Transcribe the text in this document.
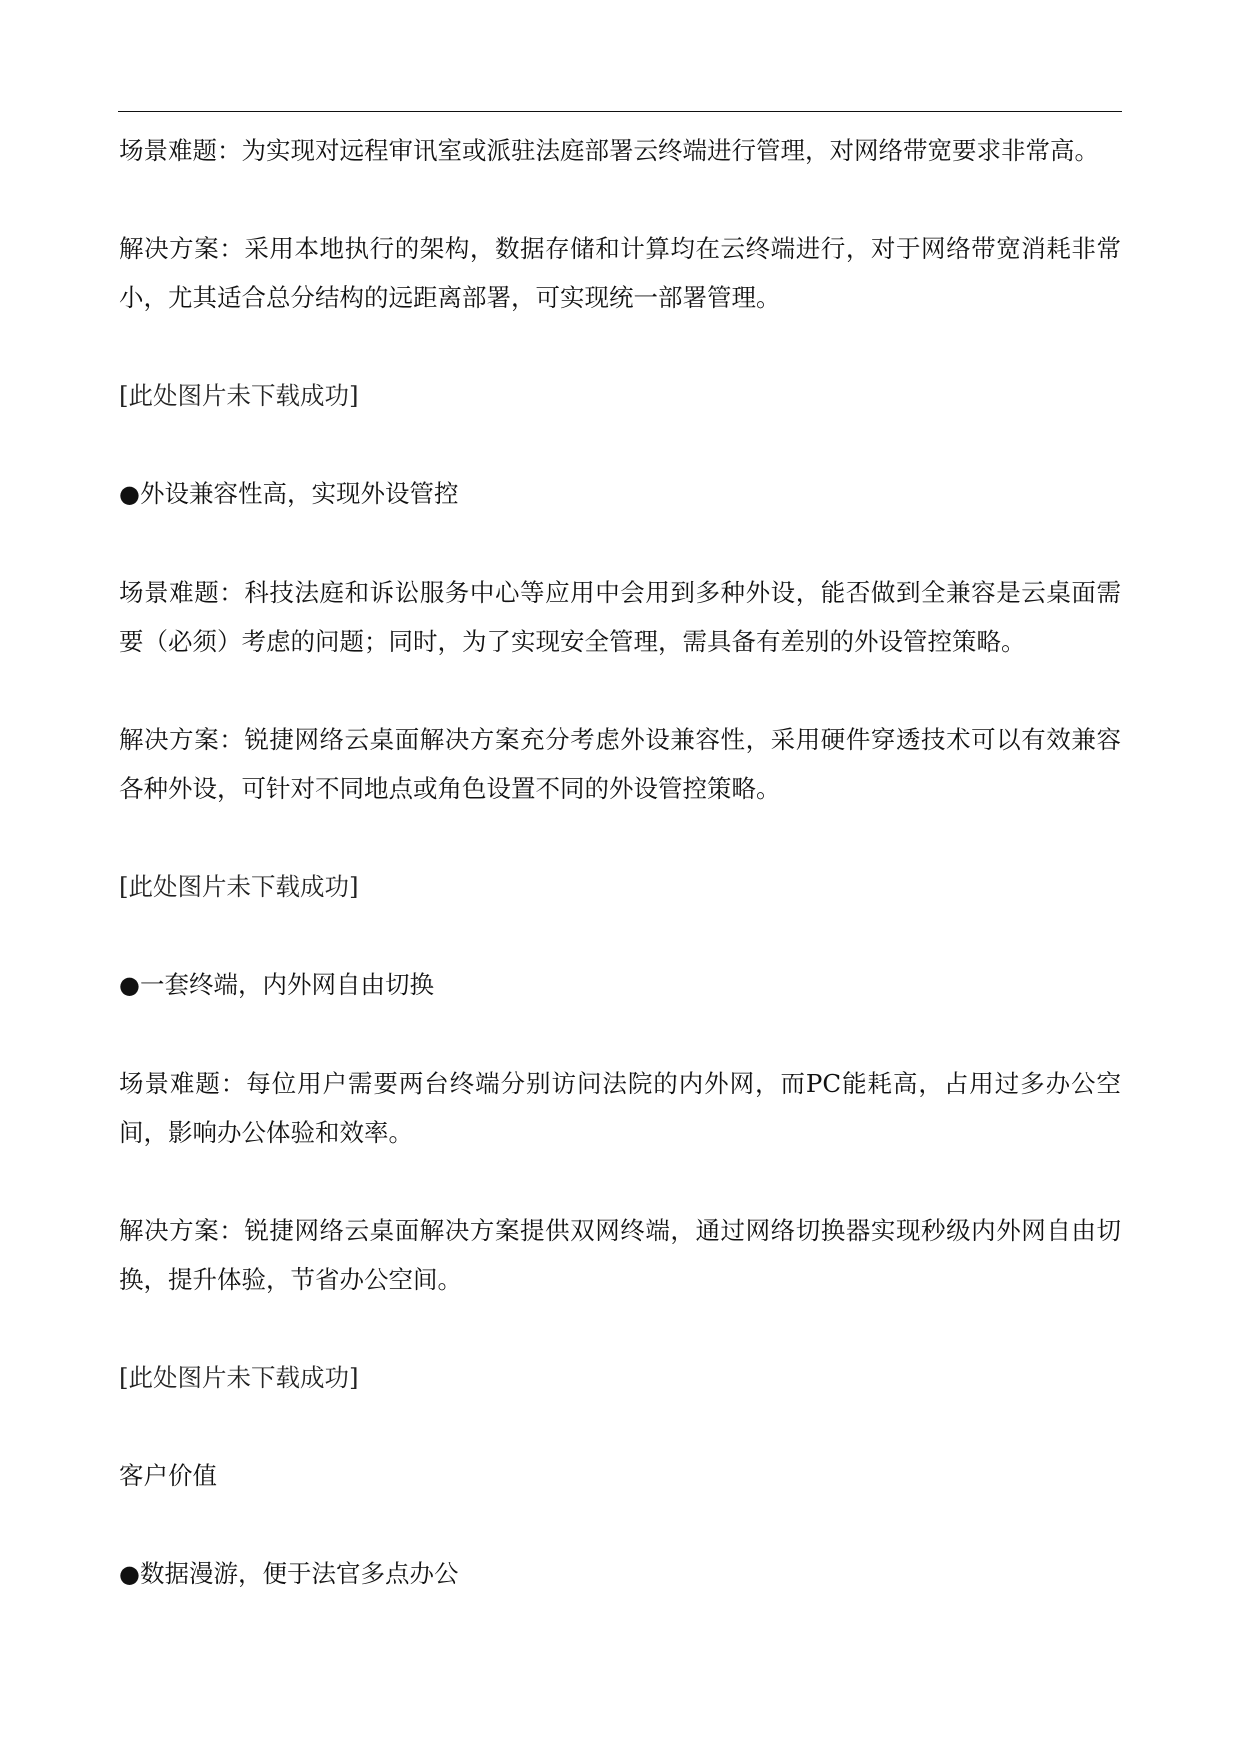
场景难题：为实现对远程审讯室或派驻法庭部署云终端进行管理，对网络带宽要求非常高。

解决方案：采用本地执行的架构，数据存储和计算均在云终端进行，对于网络带宽消耗非常小，尤其适合总分结构的远距离部署，可实现统一部署管理。

[此处图片未下载成功]

●外设兼容性高，实现外设管控

场景难题：科技法庭和诉讼服务中心等应用中会用到多种外设，能否做到全兼容是云桌面需要（必须）考虑的问题；同时，为了实现安全管理，需具备有差别的外设管控策略。

解决方案：锐捷网络云桌面解决方案充分考虑外设兼容性，采用硬件穿透技术可以有效兼容各种外设，可针对不同地点或角色设置不同的外设管控策略。

[此处图片未下载成功]

●一套终端，内外网自由切换

场景难题：每位用户需要两台终端分别访问法院的内外网，而PC能耗高，占用过多办公空间，影响办公体验和效率。

解决方案：锐捷网络云桌面解决方案提供双网终端，通过网络切换器实现秒级内外网自由切换，提升体验，节省办公空间。

[此处图片未下载成功]

客户价值

●数据漫游，便于法官多点办公
